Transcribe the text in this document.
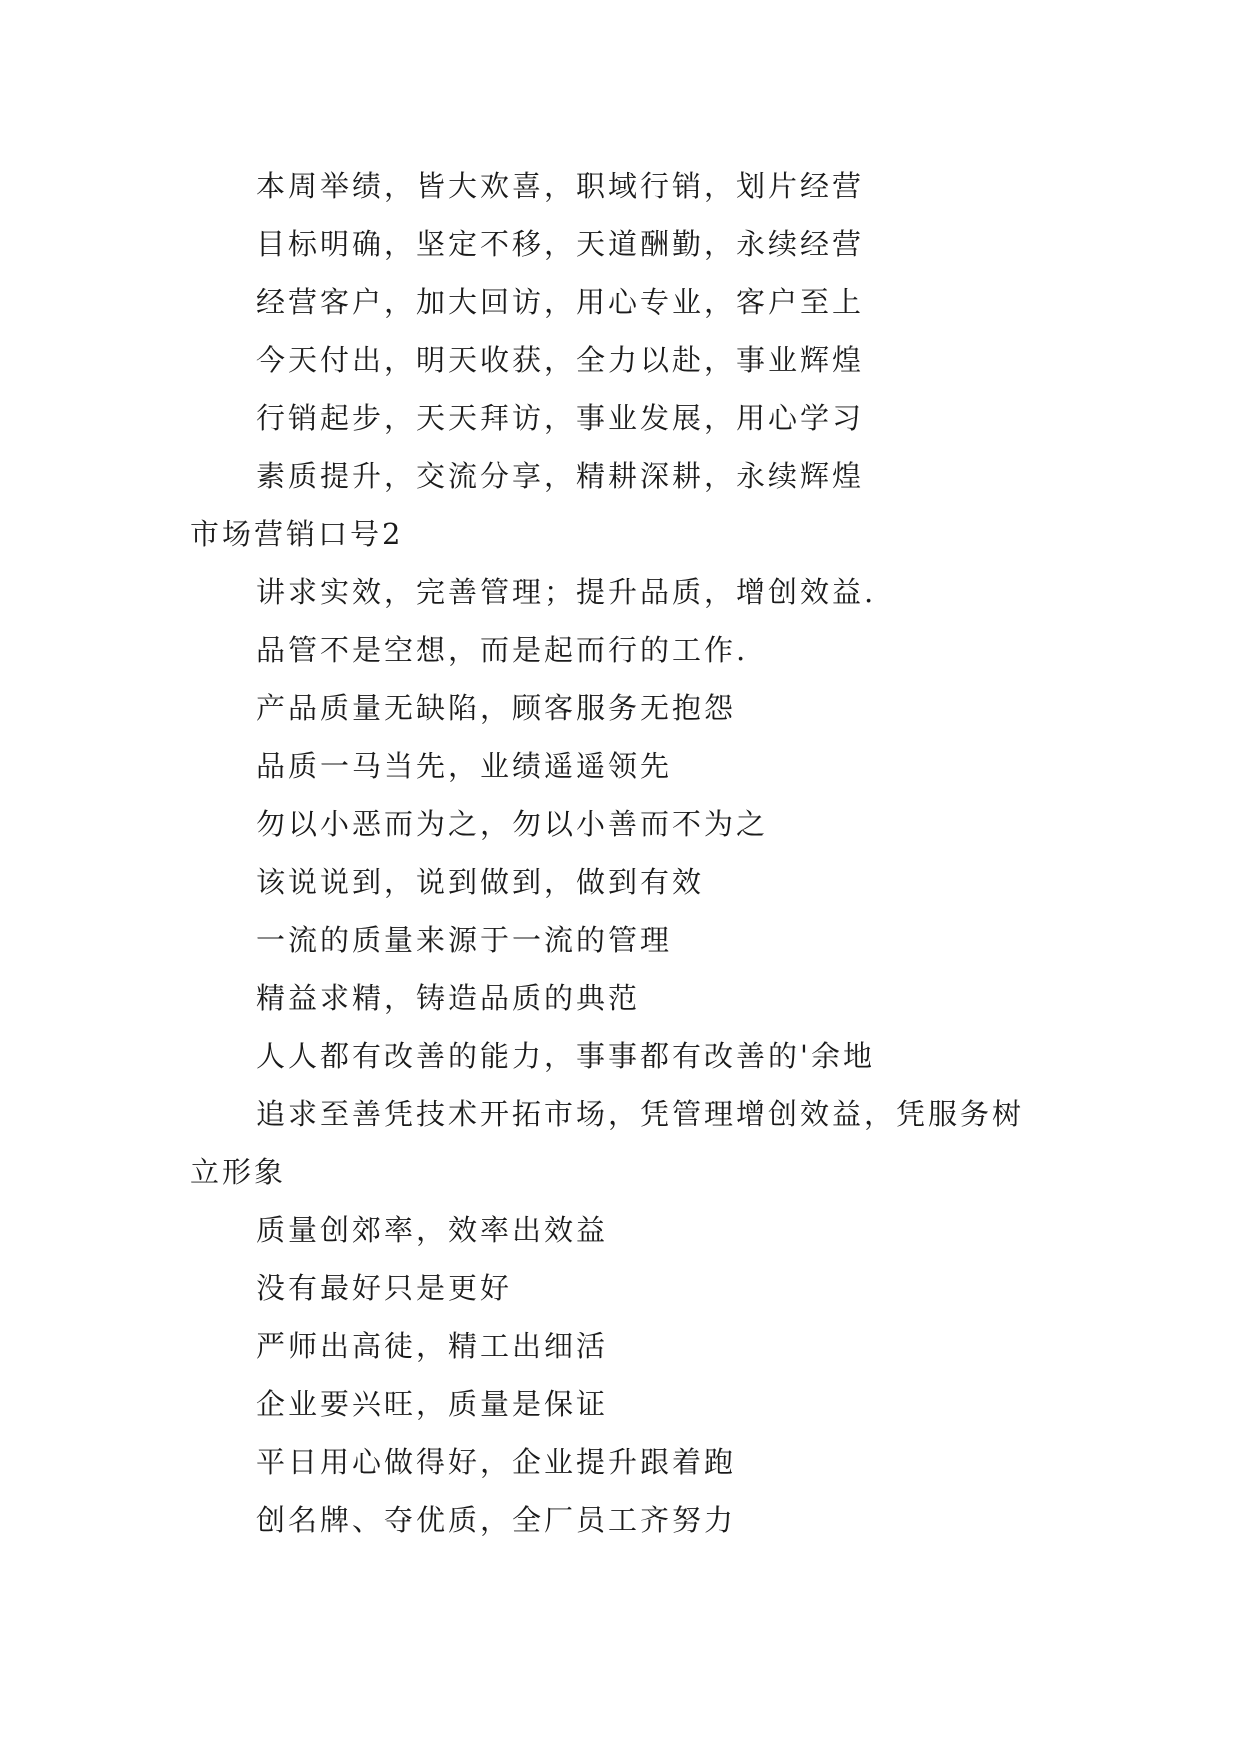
本周举绩，皆大欢喜，职域行销，划片经营
目标明确，坚定不移，天道酬勤，永续经营
经营客户，加大回访，用心专业，客户至上
今天付出，明天收获，全力以赴，事业辉煌
行销起步，天天拜访，事业发展，用心学习
素质提升，交流分享，精耕深耕，永续辉煌
市场营销口号2
讲求实效，完善管理；提升品质，增创效益.
品管不是空想，而是起而行的工作.
产品质量无缺陷，顾客服务无抱怨
品质一马当先，业绩遥遥领先
勿以小恶而为之，勿以小善而不为之
该说说到，说到做到，做到有效
一流的质量来源于一流的管理
精益求精，铸造品质的典范
人人都有改善的能力，事事都有改善的'余地
追求至善凭技术开拓市场，凭管理增创效益，凭服务树
立形象
质量创郊率，效率出效益
没有最好只是更好
严师出高徒，精工出细活
企业要兴旺，质量是保证
平日用心做得好，企业提升跟着跑
创名牌、夺优质，全厂员工齐努力
